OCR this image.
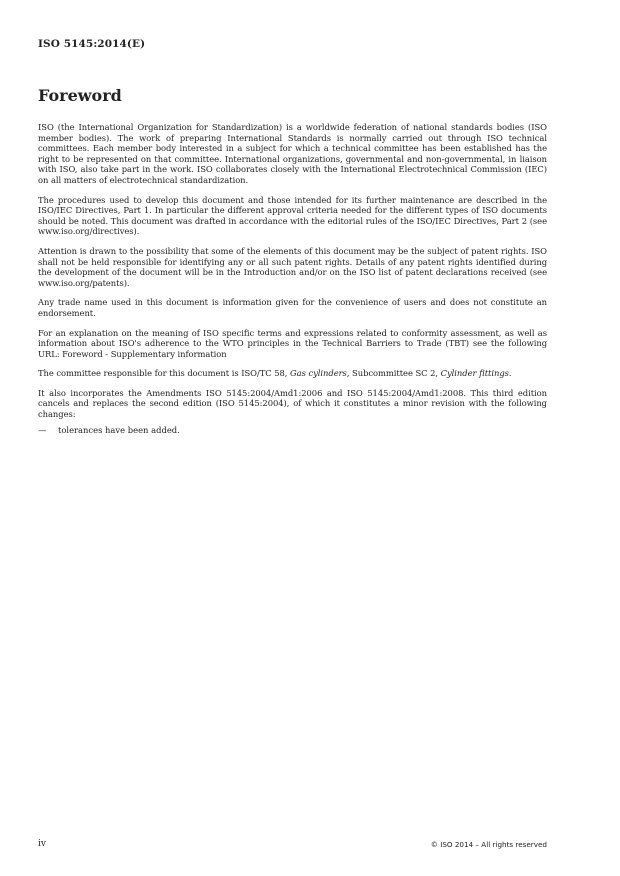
ISO 5145:2014(E)
Foreword

ISO (the International Organization for Standardization) is a worldwide federation of national standards bodies (ISO member bodies). The work of preparing International Standards is normally carried out through ISO technical committees. Each member body interested in a subject for which a technical committee has been established has the right to be represented on that committee. International organizations, governmental and non-governmental, in liaison with ISO, also take part in the work. ISO collaborates closely with the International Electrotechnical Commission (IEC) on all matters of electrotechnical standardization.

The procedures used to develop this document and those intended for its further maintenance are described in the ISO/IEC Directives, Part 1. In particular the different approval criteria needed for the different types of ISO documents should be noted. This document was drafted in accordance with the editorial rules of the ISO/IEC Directives, Part 2 (see www.iso.org/directives).

Attention is drawn to the possibility that some of the elements of this document may be the subject of patent rights. ISO shall not be held responsible for identifying any or all such patent rights. Details of any patent rights identified during the development of the document will be in the Introduction and/or on the ISO list of patent declarations received (see www.iso.org/patents).

Any trade name used in this document is information given for the convenience of users and does not constitute an endorsement.

For an explanation on the meaning of ISO specific terms and expressions related to conformity assessment, as well as information about ISO's adherence to the WTO principles in the Technical Barriers to Trade (TBT) see the following URL: Foreword - Supplementary information

The committee responsible for this document is ISO/TC 58, Gas cylinders, Subcommittee SC 2, Cylinder fittings.

It also incorporates the Amendments ISO 5145:2004/Amd1:2006 and ISO 5145:2004/Amd1:2008. This third edition cancels and replaces the second edition (ISO 5145:2004), of which it constitutes a minor revision with the following changes:

—	tolerances have been added.
iv	© ISO 2014 – All rights reserved
